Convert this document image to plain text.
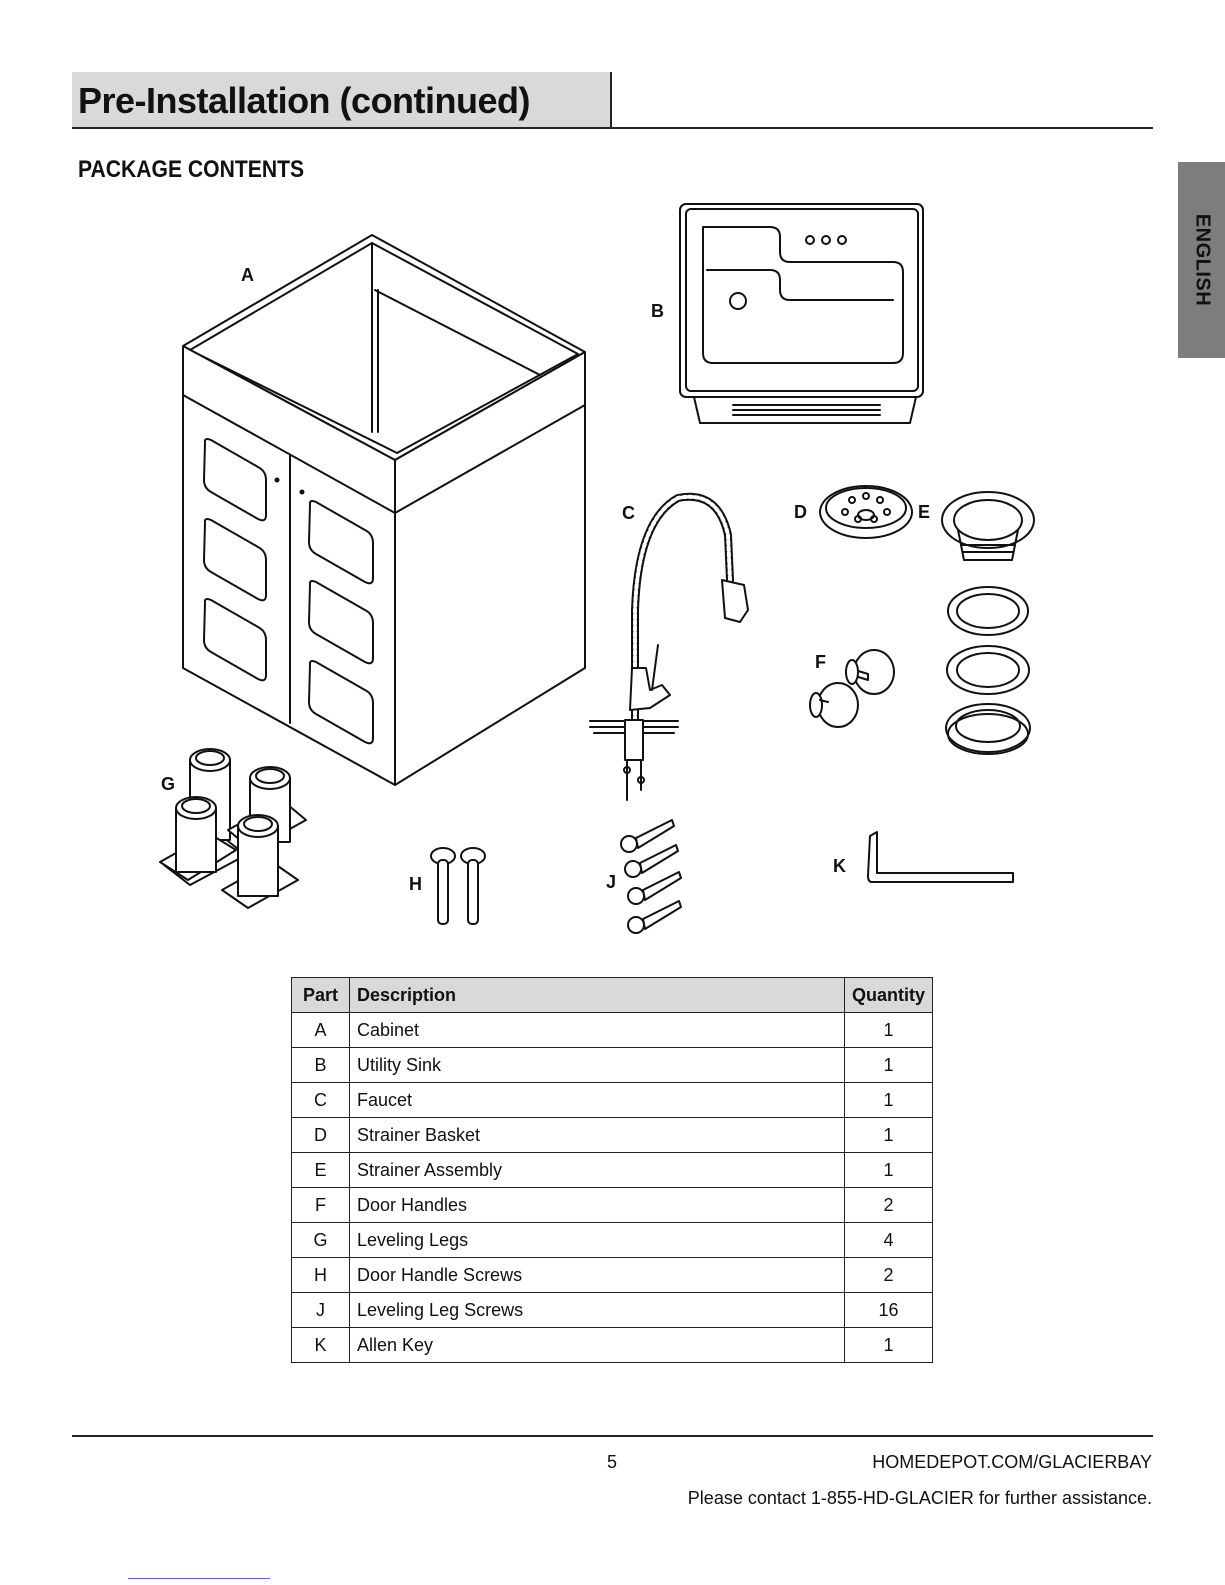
Pre-Installation (continued)
PACKAGE CONTENTS
ENGLISH
A
B
C	D	E
F
G
H	J
K
Part	Description	Quantity
A	Cabinet	1
B	Utility Sink	1
C	Faucet	1
D	Strainer Basket	1
E	Strainer Assembly	1
F	Door Handles	2
G	Leveling Legs	4
H	Door Handle Screws	2
J	Leveling Leg Screws	16
K	Allen Key	1
5	HOMEDEPOT.COM/GLACIERBAY
Please contact 1-855-HD-GLACIER for further assistance.
